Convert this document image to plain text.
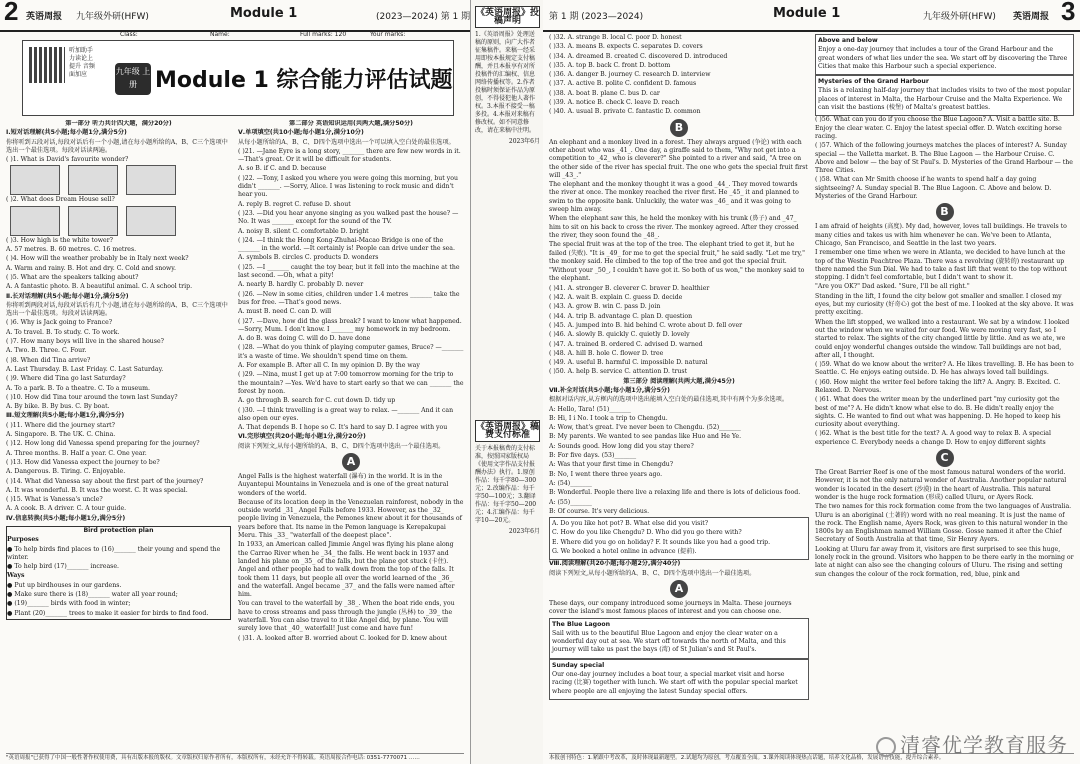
2 英语周报 九年级外研(HFW)	Module 1	(2023—2024) 第 1 期
听加助手 力读论上 提升 音频 面加应	九年级 上册 Module 1 综合能力评估试题
Class:	Name:	Full marks: 120	Your marks:

第一部分 听力共计四大题，满分20分)

Ⅰ.短对话理解(共5小题;每小题1分,满分5分)

你将听到五段对话,每段对话后有一个小题,请在每小题所给的A、B、C三个选项中选出一个最佳选项。每段对话读两遍。

( )1. What is David's favourite wonder?

( )2. What does Dream House sell?

( )3. How high is the white tower?

A. 57 metres. B. 60 metres. C. 16 metres.

( )4. How will the weather probably be in Italy next week?

A. Warm and rainy. B. Hot and dry. C. Cold and snowy.

( )5. What are the speakers talking about?

A. A fantastic photo. B. A beautiful animal. C. A school trip.

Ⅱ.长对话理解(共5小题;每小题1分,满分5分)

你将听到两段对话,每段对话后有几个小题,请在每小题所给的A、B、C三个选项中选出一个最佳选项。每段对话读两遍。

( )6. Why is Jack going to France?

A. To travel. B. To study. C. To work.

( )7. How many boys will live in the shared house?

A. Two. B. Three. C. Four.

( )8. When did Tina arrive?

A. Last Thursday. B. Last Friday. C. Last Saturday.

( )9. Where did Tina go last Saturday?

A. To a park. B. To a theatre. C. To a museum.

( )10. How did Tina tour around the town last Sunday?

A. By bike. B. By bus. C. By boat.

Ⅲ.短文理解(共5小题;每小题1分,满分5分)

( )11. Where did the journey start?

A. Singapore. B. The UK. C. China.

( )12. How long did Vanessa spend preparing for the journey?

A. Three months. B. Half a year. C. One year.

( )13. How did Vanessa expect the journey to be?

A. Dangerous. B. Tiring. C. Enjoyable.

( )14. What did Vanessa say about the first part of the journey?

A. It was wonderful. B. It was the worst. C. It was special.

( )15. What is Vanessa's uncle?

A. A cook. B. A driver. C. A tour guide.

Ⅳ.信息转换(共5小题;每小题1分,满分5分)

Bird protection plan

Purposes

● To help birds find places to (16)_______ their young and spend the winter.

● To help bird (17)_______ increase.

Ways

● Put up birdhouses in our gardens.

● Make sure there is (18)_______ water all year round;

● (19)_______ birds with food in winter;

● Plant (20)_______ trees to make it easier for birds to find food.

第二部分 英语知识运用(共两大题,满分50分)

Ⅴ.单项填空(共10小题;每小题1分,满分10分)

从每小题所给的A、B、C、D四个选项中选出一个可以填入空白处的最佳选项。

( )21. —Jane Eyre is a long story, _______ there are few new words in it. —That's great. Or it will be difficult for students.

A. so B. if C. and D. because

( )22. —Tony, I asked you where you were going this morning, but you didn't _______. —Sorry, Alice. I was listening to rock music and didn't hear you.

A. reply B. regret C. refuse D. shout

( )23. —Did you hear anyone singing as you walked past the house? —No. It was _______ except for the sound of the TV.

A. noisy B. silent C. comfortable D. bright

( )24. —I think the Hong Kong-Zhuhai-Macao Bridge is one of the _______ in the world. —It certainly is! People can drive under the sea.

A. symbols B. circles C. products D. wonders

( )25. —I _______ caught the toy bear, but it fell into the machine at the last second. —Oh, what a pity!

A. nearly B. hardly C. probably D. never

( )26. —New in some cities, children under 1.4 metres _______ take the bus for free. —That's good news.

A. must B. need C. can D. will

( )27. —Dave, how did the glass break? I want to know what happened. —Sorry, Mum. I don't know. I _______ my homework in my bedroom.

A. do B. was doing C. will do D. have done

( )28. —What do you think of playing computer games, Bruce? —_______ it's a waste of time. We shouldn't spend time on them.

A. For example B. After all C. In my opinion D. By the way

( )29. —Nina, must I get up at 7:00 tomorrow morning for the trip to the mountain? —Yes. We'd have to start early so that we can _______ the forest by noon.

A. go through B. search for C. cut down D. tidy up

( )30. —I think travelling is a great way to relax. —_______ And it can also open our eyes.

A. That depends B. I hope so C. It's hard to say D. I agree with you

Ⅵ.完形填空(共20小题;每小题1分,满分20分)

阅读下列短文,从每小题所给的A、B、C、D四个选项中选出一个最佳选项。

A

Angel Falls is the highest waterfall (瀑布) in the world. It is in the Auyantepui Mountains in Venezuela and is one of the great natural wonders of the world.

Because of its location deep in the Venezuelan rainforest, nobody in the outside world _31_ Angel Falls before 1933. However, as the _32_ people living in Venezuela, the Pemones knew about it for thousands of years before that. Its name in the Pemon language is Kerepakupai Meru. This _33_ "waterfall of the deepest place".

In 1933, an American called Jimmie Angel was flying his plane along the Carrao River when he _34_ the falls. He went back in 1937 and landed his plane on _35_ of the falls, but the plane got stuck (卡住). Angel and other people had to walk down from the top of the falls. It took them 11 days, but people all over the world learned of the _36_ and the waterfall. Angel became _37_ and the falls were named after him.

You can travel to the waterfall by _38_. When the boat ride ends, you have to cross streams and pass through the jungle (丛林) to _39_ the waterfall. You can also travel to it like Angel did, by plane. You will surely love that _40_ waterfall! Just come and have fun!

( )31. A. looked after B. worried about C. looked for D. knew about

"英语周报"已获得了中国一般性著作权使用费，具有出版本报的版权。文章版权归原作者所有，本版权所有，未经允许不得转载。英语周报合作电话: 0351-7770071 ……
《英语周报》投稿声明

1.《英语周报》处理送稿的原则，向广大作者征集稿件。来稿一经采用即按本报规定支付稿酬，并且本报享有对所投稿件的汇编权、信息网络传播权等。2.作者投稿时须保证作品为原创，不得侵犯他人著作权。3.本报不接受一稿多投。4.本报对来稿有修改权。如不同意修改，请在来稿中注明。

2023年6月

《英语周报》稿费支付标准

关于本报稿费的支付标准，按照国家版权局《使用文字作品支付报酬办法》执行。1.原创作品：每千字80—300元；2.改编作品：每千字50—100元；3.翻译作品：每千字50—200元；4.汇编作品：每千字10—20元。

2023年6月

第 1 期 (2023—2024)	Module 1	九年级外研(HFW) 英语周报 3

( )32. A. strange B. local C. poor D. honest

( )33. A. means B. expects C. separates D. covers

( )34. A. dreamed B. created C. discovered D. introduced

( )35. A. top B. back C. front D. bottom

( )36. A. danger B. journey C. research D. interview

( )37. A. active B. polite C. confident D. famous

( )38. A. boat B. plane C. bus D. car

( )39. A. notice B. check C. leave D. reach

( )40. A. usual B. private C. fantastic D. common

B

An elephant and a monkey lived in a forest. They always argued (争论) with each other about who was _41_. One day, a giraffe said to them, "Why not get into a competition to _42_ who is cleverer?" She pointed to a river and said, "A tree on the other side of the river has special fruit. The one who gets the special fruit first will _43_."

The elephant and the monkey thought it was a good _44_. They moved towards the river at once. The monkey reached the river first. He _45_ it and planned to swim to the opposite bank. Unluckily, the water was _46_ and it was going to sweep him away.

When the elephant saw this, he held the monkey with his trunk (鼻子) and _47_ him to sit on his back to cross the river. The monkey agreed. After they crossed the river, they soon found the _48_.

The special fruit was at the top of the tree. The elephant tried to get it, but he failed (失败). "It is _49_ for me to get the special fruit," he said sadly. "Let me try," the monkey said. He climbed to the top of the tree and got the special fruit.

"Without your _50_, I couldn't have got it. So both of us won," the monkey said to the elephant.

( )41. A. stronger B. cleverer C. braver D. healthier

( )42. A. wait B. explain C. guess D. decide

( )43. A. grow B. win C. pass D. join

( )44. A. trip B. advantage C. plan D. question

( )45. A. jumped into B. hid behind C. wrote about D. fell over

( )46. A. slowly B. quickly C. quietly D. lovely

( )47. A. trained B. ordered C. advised D. warned

( )48. A. hill B. hole C. flower D. tree

( )49. A. useful B. harmful C. impossible D. natural

( )50. A. help B. service C. attention D. trust

第三部分 阅读理解(共两大题,满分45分)

Ⅶ.补全对话(共5小题;每小题1分,满分5分)

根据对话内容,从方框内的选项中选出能填入空白处的最佳选项,其中有两个为多余选项。

A: Hello, Tara! (51)_______

B: Hi, I i No. I took a trip to Chengdu.

A: Wow, that's great. I've never been to Chengdu. (52)_______

B: My parents. We wanted to see pandas like Huo and He Ye.

A: Sounds good. How long did you stay there?

B: For five days. (53)_______

A: Was that your first time in Chengdu?

B: No, I went there three years ago.

A: (54)_______

B: Wonderful. People there live a relaxing life and there is lots of delicious food.

A: (55)_______

B: Of course. It's very delicious.

A. Do you like hot pot? B. What else did you visit?

C. How do you like Chengdu? D. Who did you go there with?

E. Where did you go on holiday? F. It sounds like you had a good trip.

G. We booked a hotel online in advance (提前).

Ⅷ.阅读理解(共20小题;每小题2分,满分40分)

阅读下列短文,从每小题所给的A、B、C、D四个选项中选出一个最佳选项。

A

These days, our company introduced some journeys in Malta. These journeys cover the island's most famous places of interest and you can choose one.

The Blue Lagoon

Sail with us to the beautiful Blue Lagoon and enjoy the clear water on a wonderful day out at sea. We start off towards the north of Malta, and this journey will take us past the bays (湾) of St Julian's and St Paul's.

Sunday special

Our one-day journey includes a boat tour, a special market visit and horse racing (比赛) together with lunch. We start off with the popular special market where people are all enjoying the latest Sunday special offers.

Above and below

Enjoy a one-day journey that includes a tour of the Grand Harbour and the great wonders of what lies under the sea. We start off by discovering the Three Cities that make this Harbour such a special experience.

Mysteries of the Grand Harbour

This is a relaxing half-day journey that includes visits to two of the most popular places of interest in Malta, the Harbour Cruise and the Malta Experience. We can visit the bastions (棱堡) of Malta's greatest battles.

( )56. What can you do if you choose the Blue Lagoon? A. Visit a battle site. B. Enjoy the clear water. C. Enjoy the latest special offer. D. Watch exciting horse racing.

( )57. Which of the following journeys matches the places of interest? A. Sunday special — the Valletta market. B. The Blue Lagoon — the Harbour Cruise. C. Above and below — the bay of St Paul's. D. Mysteries of the Grand Harbour — the Three Cities.

( )58. What can Mr Smith choose if he wants to spend half a day going sightseeing? A. Sunday special B. The Blue Lagoon. C. Above and below. D. Mysteries of the Grand Harbour.

B

I am afraid of heights (高度). My dad, however, loves tall buildings. He travels to many cities and takes us with him whenever he can. We've been to Atlanta, Chicago, San Francisco, and Seattle in the last two years.

I remember one time when we were in Atlanta, we decided to have lunch at the top of the Westin Peachtree Plaza. There was a revolving (旋转的) restaurant up there named the Sun Dial. We had to take a fast lift that went to the top without stopping. I didn't feel comfortable, but I didn't want to show it.

"Are you OK?" Dad asked. "Sure, I'll be all right."

Standing in the lift, I found the city below got smaller and smaller. I closed my eyes, but my curiosity (好奇心) got the best of me. I looked at the sky above. It was pretty exciting.

When the lift stopped, we walked into a restaurant. We sat by a window. I looked out the window when we waited for our food. We were moving very fast, so I started to relax. The sights of the city changed little by little. And as we ate, we could enjoy wonderful changes outside the window. Tall buildings are not bad, after all, I thought.

( )59. What do we know about the writer? A. He likes travelling. B. He has been to Seattle. C. He enjoys eating outside. D. He has always loved tall buildings.

( )60. How might the writer feel before taking the lift? A. Angry. B. Excited. C. Relaxed. D. Nervous.

( )61. What does the writer mean by the underlined part "my curiosity got the best of me"? A. He didn't know what else to do. B. He didn't really enjoy the sights. C. He wanted to find out what was happening. D. He hoped to keep his curiosity about everything.

( )62. What is the best title for the text? A. A good way to relax B. A special experience C. Everybody needs a change D. How to enjoy different sights

C

The Great Barrier Reef is one of the most famous natural wonders of the world. However, it is not the only natural wonder of Australia. Another popular natural wonder is located in the desert (沙漠) in the heart of Australia. This natural wonder is the huge rock formation (形成) called Uluru, or Ayers Rock.

The two names for this rock formation come from the two languages of Australia. Uluru is an aboriginal (土著的) word with no real meaning. It is just the name of the rock. The English name, Ayers Rock, was given to this natural wonder in the 1800s by an Englishman named William Gosse. Gosse named it after the Chief Secretary of South Australia at that time, Sir Henry Ayers.

Looking at Uluru far away from it, visitors are first surprised to see this huge, lonely rock in the ground. Visitors who happen to be there early in the morning or late at night can also see the changing colours of Uluru. The rising and setting sun changes the colour of the rock formation, red, blue, pink and

本报创刊特色：1.紧跟中考改革，及时体现最新题型。2.试题均为原创，考点覆盖全面。3.课外阅读体现热点话题，培养文化品格，发展语言技能，提升综合素养。
清睿优学教育服务
